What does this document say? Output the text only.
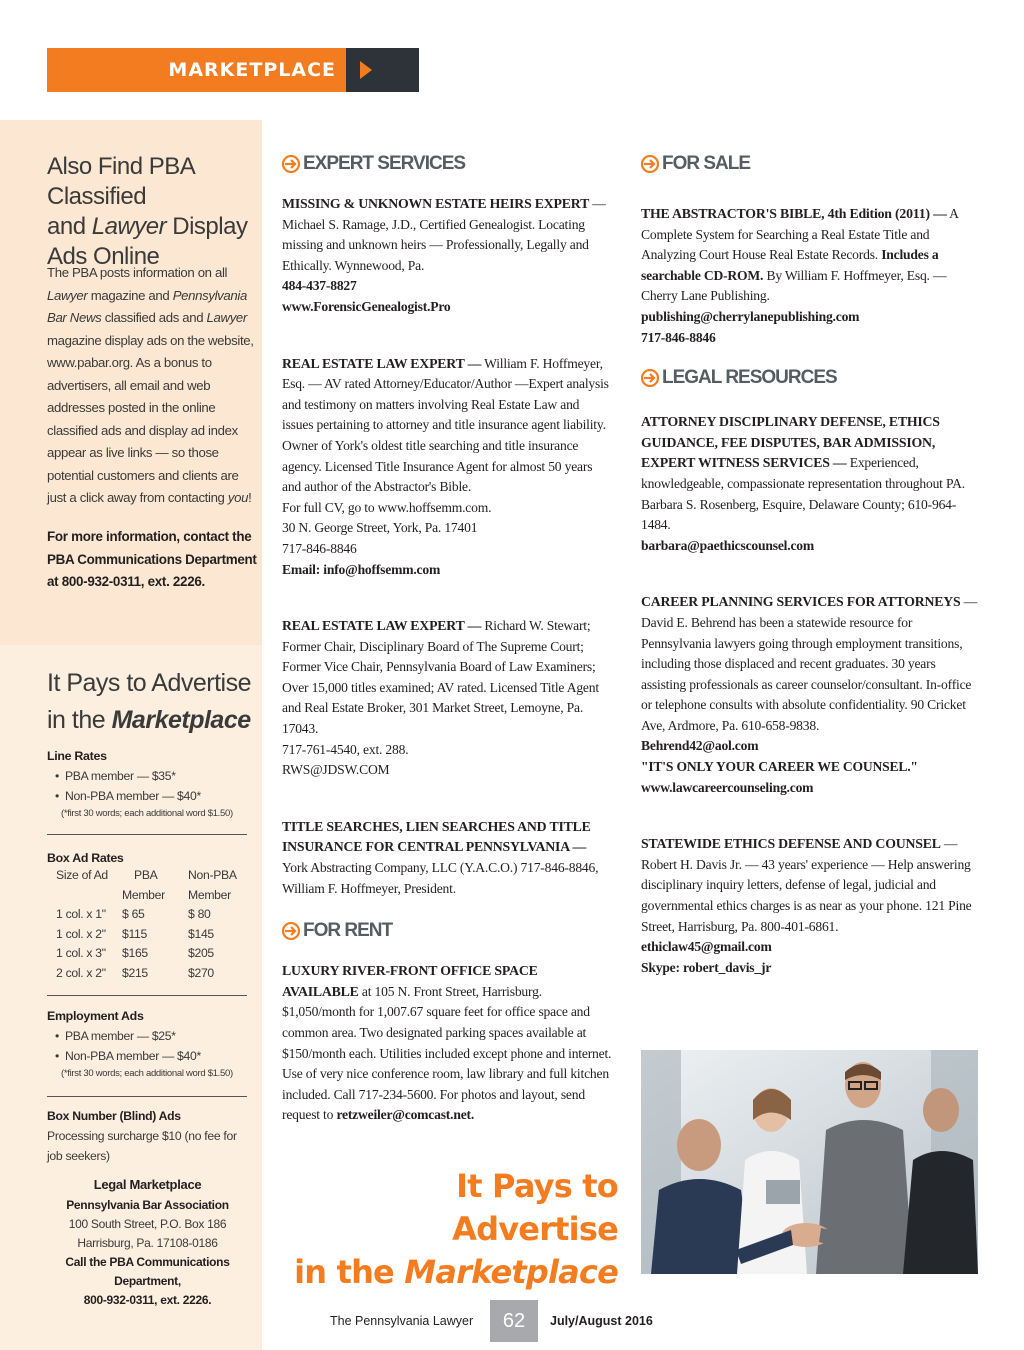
MARKETPLACE
Also Find PBA Classified
and Lawyer Display
Ads Online

The PBA posts information on all Lawyer magazine and Pennsylvania Bar News classified ads and Lawyer magazine display ads on the website, www.pabar.org. As a bonus to advertisers, all email and web addresses posted in the online classified ads and display ad index appear as live links — so those potential customers and clients are just a click away from contacting you!

For more information, contact the PBA Communications Department at 800-932-0311, ext. 2226.

It Pays to Advertise
in the Marketplace
Line Rates
• PBA member — $35*
• Non-PBA member — $40*
(*first 30 words; each additional word $1.50)
Box Ad Rates
Size of Ad	PBA	Non-PBA
	Member	Member
1 col. x 1"	$ 65	$ 80
1 col. x 2"	$115	$145
1 col. x 3"	$165	$205
2 col. x 2"	$215	$270
Employment Ads
• PBA member — $25*
• Non-PBA member — $40*
(*first 30 words; each additional word $1.50)
Box Number (Blind) Ads
Processing surcharge $10 (no fee for job seekers)
Legal Marketplace
Pennsylvania Bar Association
100 South Street, P.O. Box 186
Harrisburg, Pa. 17108-0186
Call the PBA Communications Department,
800-932-0311, ext. 2226.
EXPERT SERVICES
MISSING & UNKNOWN ESTATE HEIRS EXPERT — Michael S. Ramage, J.D., Certified Genealogist. Locating missing and unknown heirs — Professionally, Legally and Ethically. Wynnewood, Pa.
484-437-8827
www.ForensicGenealogist.Pro
REAL ESTATE LAW EXPERT — William F. Hoffmeyer, Esq. — AV rated Attorney/Educator/Author —Expert analysis and testimony on matters involving Real Estate Law and issues pertaining to attorney and title insurance agent liability. Owner of York's oldest title searching and title insurance agency. Licensed Title Insurance Agent for almost 50 years and author of the Abstractor's Bible.
For full CV, go to www.hoffsemm.com.
30 N. George Street, York, Pa. 17401
717-846-8846
Email: info@hoffsemm.com
REAL ESTATE LAW EXPERT — Richard W. Stewart; Former Chair, Disciplinary Board of The Supreme Court; Former Vice Chair, Pennsylvania Board of Law Examiners; Over 15,000 titles examined; AV rated. Licensed Title Agent and Real Estate Broker, 301 Market Street, Lemoyne, Pa. 17043.
717-761-4540, ext. 288.
RWS@JDSW.COM
TITLE SEARCHES, LIEN SEARCHES AND TITLE INSURANCE FOR CENTRAL PENNSYLVANIA — York Abstracting Company, LLC (Y.A.C.O.) 717-846-8846, William F. Hoffmeyer, President.
FOR RENT
LUXURY RIVER-FRONT OFFICE SPACE AVAILABLE at 105 N. Front Street, Harrisburg. $1,050/month for 1,007.67 square feet for office space and common area. Two designated parking spaces available at $150/month each. Utilities included except phone and internet. Use of very nice conference room, law library and full kitchen included. Call 717-234-5600. For photos and layout, send request to retzweiler@comcast.net.
It Pays to Advertise
in the Marketplace
FOR SALE
THE ABSTRACTOR'S BIBLE, 4th Edition (2011) — A Complete System for Searching a Real Estate Title and Analyzing Court House Real Estate Records. Includes a searchable CD-ROM. By William F. Hoffmeyer, Esq. — Cherry Lane Publishing.
publishing@cherrylanepublishing.com
717-846-8846
LEGAL RESOURCES
ATTORNEY DISCIPLINARY DEFENSE, ETHICS GUIDANCE, FEE DISPUTES, BAR ADMISSION, EXPERT WITNESS SERVICES — Experienced, knowledgeable, compassionate representation throughout PA. Barbara S. Rosenberg, Esquire, Delaware County; 610-964-1484.
barbara@paethicscounsel.com
CAREER PLANNING SERVICES FOR ATTORNEYS — David E. Behrend has been a statewide resource for Pennsylvania lawyers going through employment transitions, including those displaced and recent graduates. 30 years assisting professionals as career counselor/consultant. In-office or telephone consults with absolute confidentiality. 90 Cricket Ave, Ardmore, Pa. 610-658-9838.
Behrend42@aol.com
"IT'S ONLY YOUR CAREER WE COUNSEL."
www.lawcareercounseling.com
STATEWIDE ETHICS DEFENSE AND COUNSEL — Robert H. Davis Jr. — 43 years' experience — Help answering disciplinary inquiry letters, defense of legal, judicial and governmental ethics charges is as near as your phone. 121 Pine Street, Harrisburg, Pa. 800-401-6861.
ethiclaw45@gmail.com
Skype: robert_davis_jr
The Pennsylvania Lawyer	62	July/August 2016
